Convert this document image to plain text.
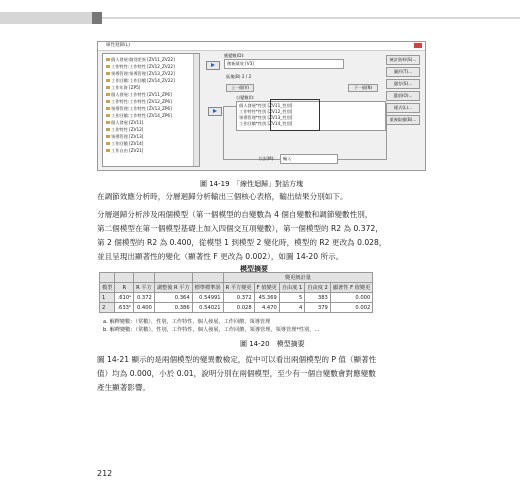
線性迴歸(L)
個人發展:個別差異 [ZV11_ZV22]
工作特性:工作特性 [ZV12_ZV22]
領導管理:領導管理 [ZV13_ZV22]
工作回饋:工作回饋 [ZV14_ZV22]
工作年資 [ZP5]
個人發展:工作特性 [ZV11_ZP6]
工作特性:工作特性 [ZV12_ZP6]
領導管理:工作特性 [ZV13_ZP6]
工作回饋:工作特性 [ZV14_ZP6]
個人發展 [ZV11]
工作特性 [ZV12]
領導管理 [ZV13]
工作回饋 [ZV14]
工作自由 [ZV21]
應變數(D):
創新績效 [V3]
區塊(B) 2 / 2
上一個(V)	下一個(N)
自變數(I):
個人發展*性別 [ZV11_性別]
工作特性*性別 [ZV12_性別]
領導管理*性別 [ZV13_性別]
工作回饋*性別 [ZV14_性別]
方法(M): 輸入
統計資料(S)...
圖形(T)...
儲存(S)...
選項(O)...
樣式(L)...
重複取樣(B)...
圖 14-19　「線性迴歸」對話方塊

在調節效應分析時，分層迴歸分析輸出三個核心表格，輸出結果分別如下。

分層迴歸分析涉及兩個模型（第一個模型的自變數為 4 個自變數和調節變數性別，

第二個模型在第一個模型基礎上加入四個交互項變數），第一個模型的 R2 為 0.372，

第 2 個模型的 R2 為 0.400，從模型 1 到模型 2 變化時，模型的 R2 更改為 0.028，

並且呈現出顯著性的變化（顯著性 F 更改為 0.002），如圖 14-20 所示。

模型摘要
					變更統計量				
模型	R	R 平方	調整後 R 平方	標準標準誤	R 平方變更	F 值變更	自由度 1	自由度 2	顯著性 F 值變更
1	.610ᵃ	0.372	0.364	0.54991	0.372	45.369	5	383	0.000
2	.633ᵇ	0.400	0.386	0.54021	0.028	4.470	4	379	0.002
a. 解釋變數：（常數），性別，工作特性，個人發展，工作回饋，領導管理
b. 解釋變數：（常數），性別，工作特性，個人發展，工作回饋，領導管理，領導管理*性別，...
圖 14-20　模型摘要

圖 14-21 顯示的是兩個模型的變異數檢定，從中可以看出兩個模型的 P 值（顯著性

值）均為 0.000，小於 0.01，說明分別在兩個模型，至少有一個自變數會對應變數

產生顯著影響。

212
